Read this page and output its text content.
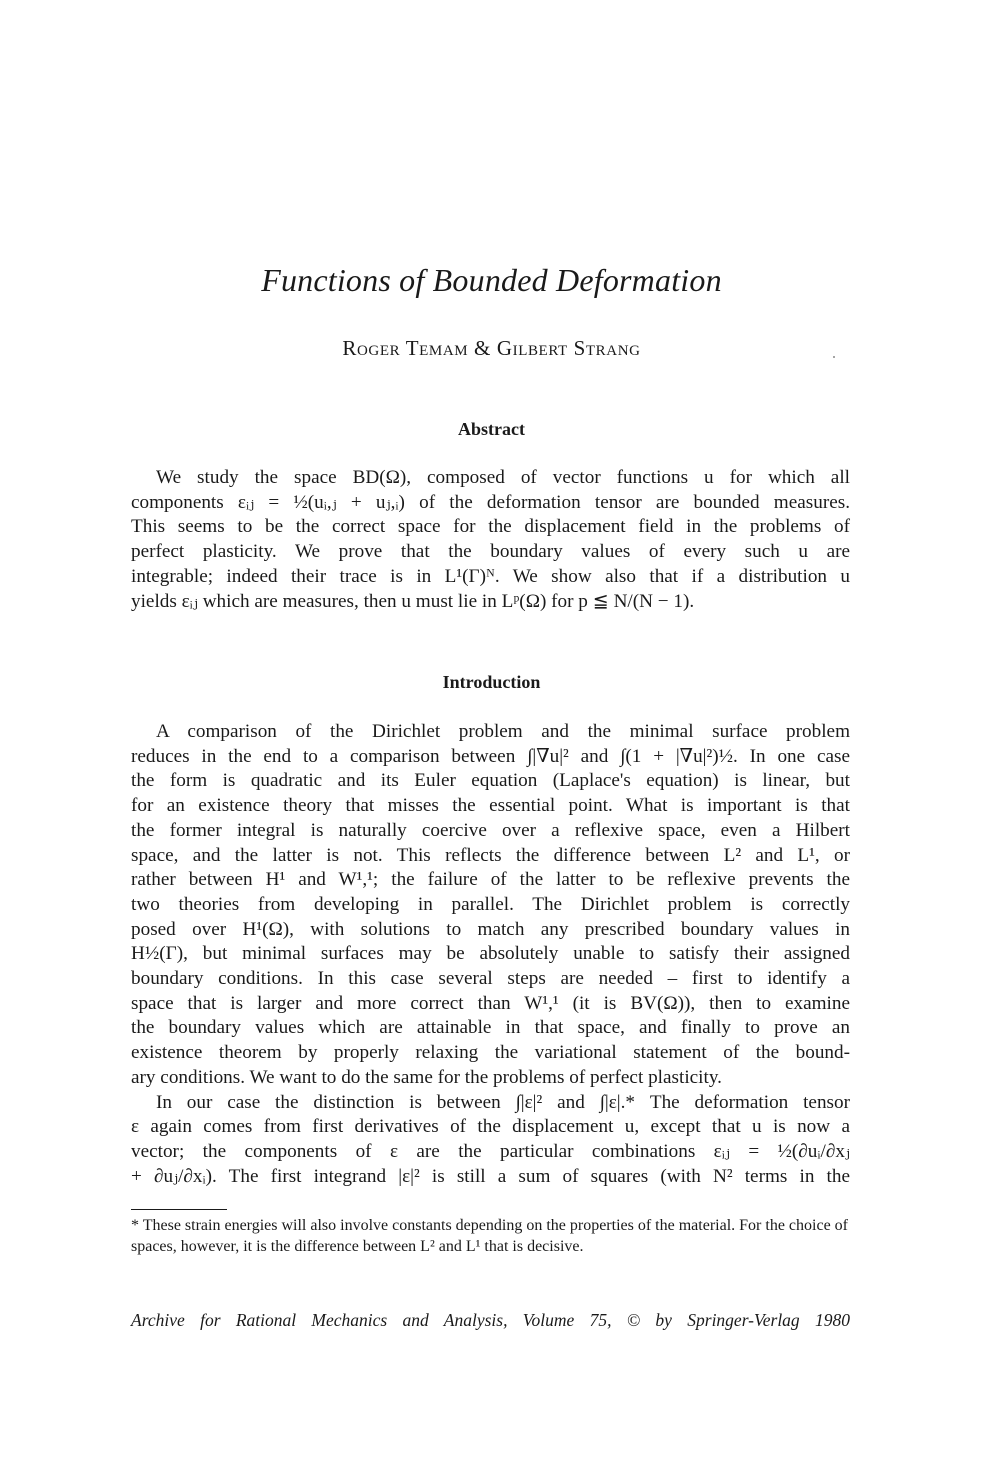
Functions of Bounded Deformation
Roger Temam & Gilbert Strang
Abstract
We study the space BD(Ω), composed of vector functions u for which all
components εᵢⱼ = ½(uᵢ,ⱼ + uⱼ,ᵢ) of the deformation tensor are bounded measures.
This seems to be the correct space for the displacement field in the problems of
perfect plasticity. We prove that the boundary values of every such u are
integrable; indeed their trace is in L¹(Γ)ᴺ. We show also that if a distribution u
yields εᵢⱼ which are measures, then u must lie in Lᵖ(Ω) for p ≦ N/(N − 1).
Introduction
A comparison of the Dirichlet problem and the minimal surface problem
reduces in the end to a comparison between ∫|∇u|² and ∫(1 + |∇u|²)½. In one case
the form is quadratic and its Euler equation (Laplace's equation) is linear, but
for an existence theory that misses the essential point. What is important is that
the former integral is naturally coercive over a reflexive space, even a Hilbert
space, and the latter is not. This reflects the difference between L² and L¹, or
rather between H¹ and W¹,¹; the failure of the latter to be reflexive prevents the
two theories from developing in parallel. The Dirichlet problem is correctly
posed over H¹(Ω), with solutions to match any prescribed boundary values in
H½(Γ), but minimal surfaces may be absolutely unable to satisfy their assigned
boundary conditions. In this case several steps are needed – first to identify a
space that is larger and more correct than W¹,¹ (it is BV(Ω)), then to examine
the boundary values which are attainable in that space, and finally to prove an
existence theorem by properly relaxing the variational statement of the bound-
ary conditions. We want to do the same for the problems of perfect plasticity.
In our case the distinction is between ∫|ε|² and ∫|ε|.* The deformation tensor
ε again comes from first derivatives of the displacement u, except that u is now a
vector; the components of ε are the particular combinations εᵢⱼ = ½(∂uᵢ/∂xⱼ
+ ∂uⱼ/∂xᵢ). The first integrand |ε|² is still a sum of squares (with N² terms in the
* These strain energies will also involve constants depending on the properties of the material. For the choice of spaces, however, it is the difference between L² and L¹ that is decisive.
Archive for Rational Mechanics and Analysis, Volume 75, © by Springer-Verlag 1980
